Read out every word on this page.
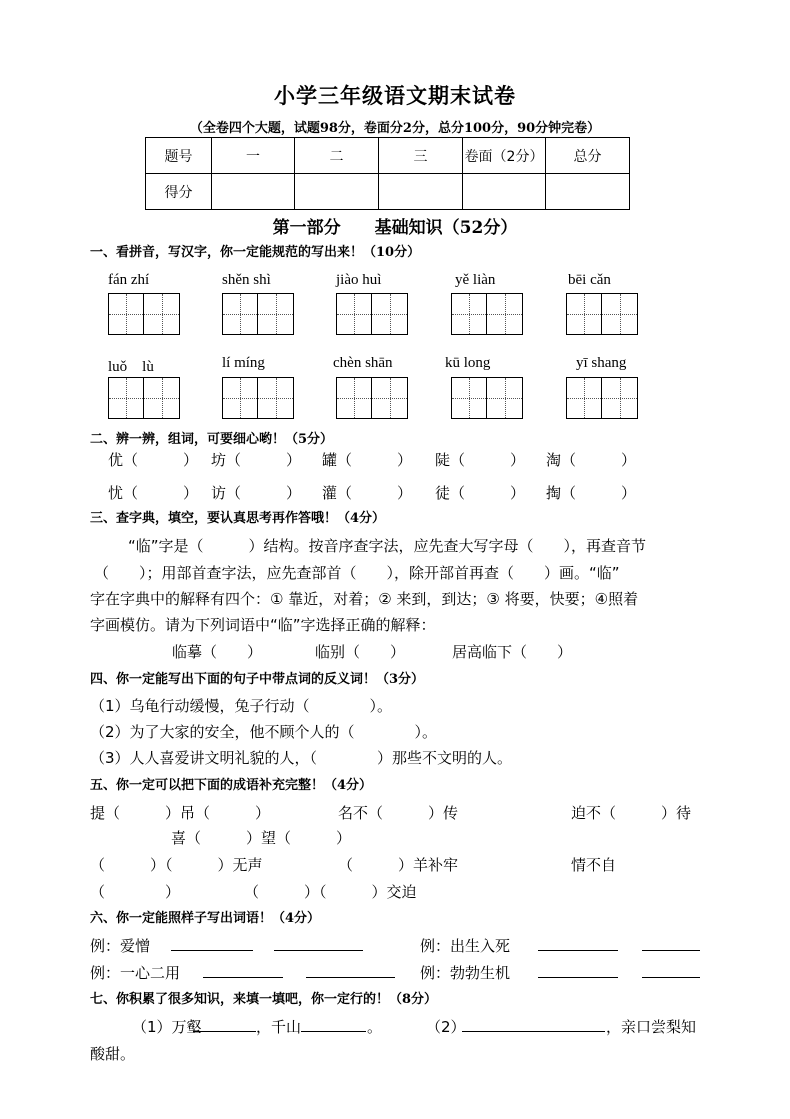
小学三年级语文期末试卷
（全卷四个大题，试题98分，卷面分2分，总分100分，90分钟完卷）
题号	一	二	三	卷面（2分）	总分
得分					
第一部分　　基础知识（52分）
一、看拼音，写汉字，你一定能规范的写出来！（10分）
fán zhí	shěn shì	jiào huì	yě liàn	bēi cǎn
luǒ　lù	lí míng	chèn shān	kū long	yī shang
二、辨一辨，组词，可要细心哟！（5分）
优（　　　） 坊（　　　） 罐（　　　） 陡（　　　） 淘（　　　）
忧（　　　） 访（　　　） 灌（　　　） 徒（　　　） 掏（　　　）
三、查字典，填空，要认真思考再作答哦！（4分）
“临”字是（　　　）结构。按音序查字法，应先查大写字母（　　），再查音节
（　　）；用部首查字法，应先查部首（　　），除开部首再查（　　）画。“临”
字在字典中的解释有四个：① 靠近，对着；② 来到，到达；③ 将要，快要；④照着
字画模仿。请为下列词语中“临”字选择正确的解释：
临摹（　　）	临别（　　）	居高临下（　　）
四、你一定能写出下面的句子中带点词的反义词！（3分）
（1）乌龟行动缓慢，兔子行动（　　　　）。
（2）为了大家的安全，他不顾个人的（　　　　）。
（3）人人喜爱讲文明礼貌的人，（　　　　）那些不文明的人。
五、你一定可以把下面的成语补充完整！（4分）
提（　　　）吊（　　　）	名不（　　　）传	迫不（　　　）待
喜（　　　）望（　　　）
（　　　）（　　　）无声	（　　　）羊补牢	情不自
（　　　　）	（　　　）（　　　）交迫
六、你一定能照样子写出词语！（4分）
例：爱憎	例：出生入死
例：一心二用	例：勃勃生机
七、你积累了很多知识，来填一填吧，你一定行的！（8分）
（1）万壑	，千山	。	（2）	，亲口尝梨知
酸甜。
